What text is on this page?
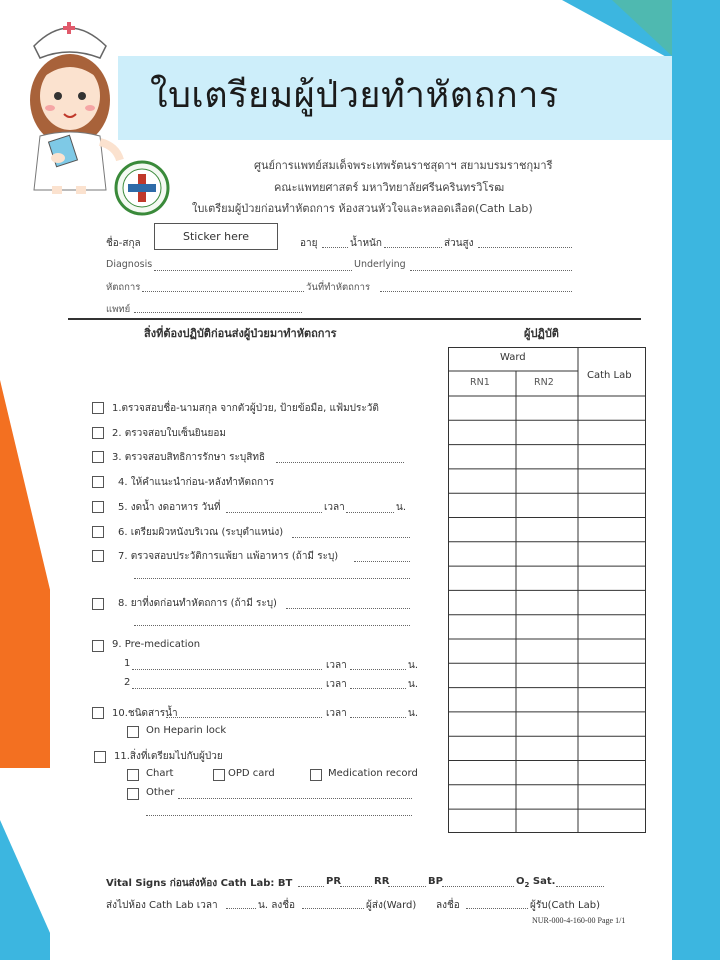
ใบเตรียมผู้ป่วยทำหัตถการ
ศูนย์การแพทย์สมเด็จพระเทพรัตนราชสุดาฯ สยามบรมราชกุมารี
คณะแพทยศาสตร์ มหาวิทยาลัยศรีนครินทรวิโรฒ
ใบเตรียมผู้ป่วยก่อนทำหัตถการ ห้องสวนหัวใจและหลอดเลือด(Cath Lab)
ชื่อ-สกุล
Sticker here
อายุ	น้ำหนัก	ส่วนสูง
Diagnosis	Underlying
หัตถการ	วันที่ทำหัตถการ
แพทย์
สิ่งที่ต้องปฏิบัติก่อนส่งผู้ป่วยมาทำหัตถการ	ผู้ปฏิบัติ
Ward
RN1	RN2
Cath Lab
1.ตรวจสอบชื่อ-นามสกุล จากตัวผู้ป่วย, ป้ายข้อมือ, แฟ้มประวัติ
2. ตรวจสอบใบเซ็นยินยอม
3. ตรวจสอบสิทธิการรักษา ระบุสิทธิ
4. ให้คำแนะนำก่อน-หลังทำหัตถการ
5. งดน้ำ งดอาหาร วันที่	เวลา	น.
6. เตรียมผิวหนังบริเวณ (ระบุตำแหน่ง)
7. ตรวจสอบประวัติการแพ้ยา แพ้อาหาร (ถ้ามี ระบุ)
8. ยาที่งดก่อนทำหัตถการ (ถ้ามี ระบุ)
9. Pre-medication
1	เวลา	น.
2	เวลา	น.
10.ชนิดสารน้ำ	เวลา	น.
On Heparin lock
11.สิ่งที่เตรียมไปกับผู้ป่วย
Chart	OPD card	Medication record
Other
Vital Signs ก่อนส่งห้อง Cath Lab: BT	PR	RR	BP	$O_2$ Sat.
ส่งไปห้อง Cath Lab เวลา	น. ลงชื่อ	ผู้ส่ง(Ward) ลงชื่อ	ผู้รับ(Cath Lab)
NUR-000-4-160-00 Page 1/1
